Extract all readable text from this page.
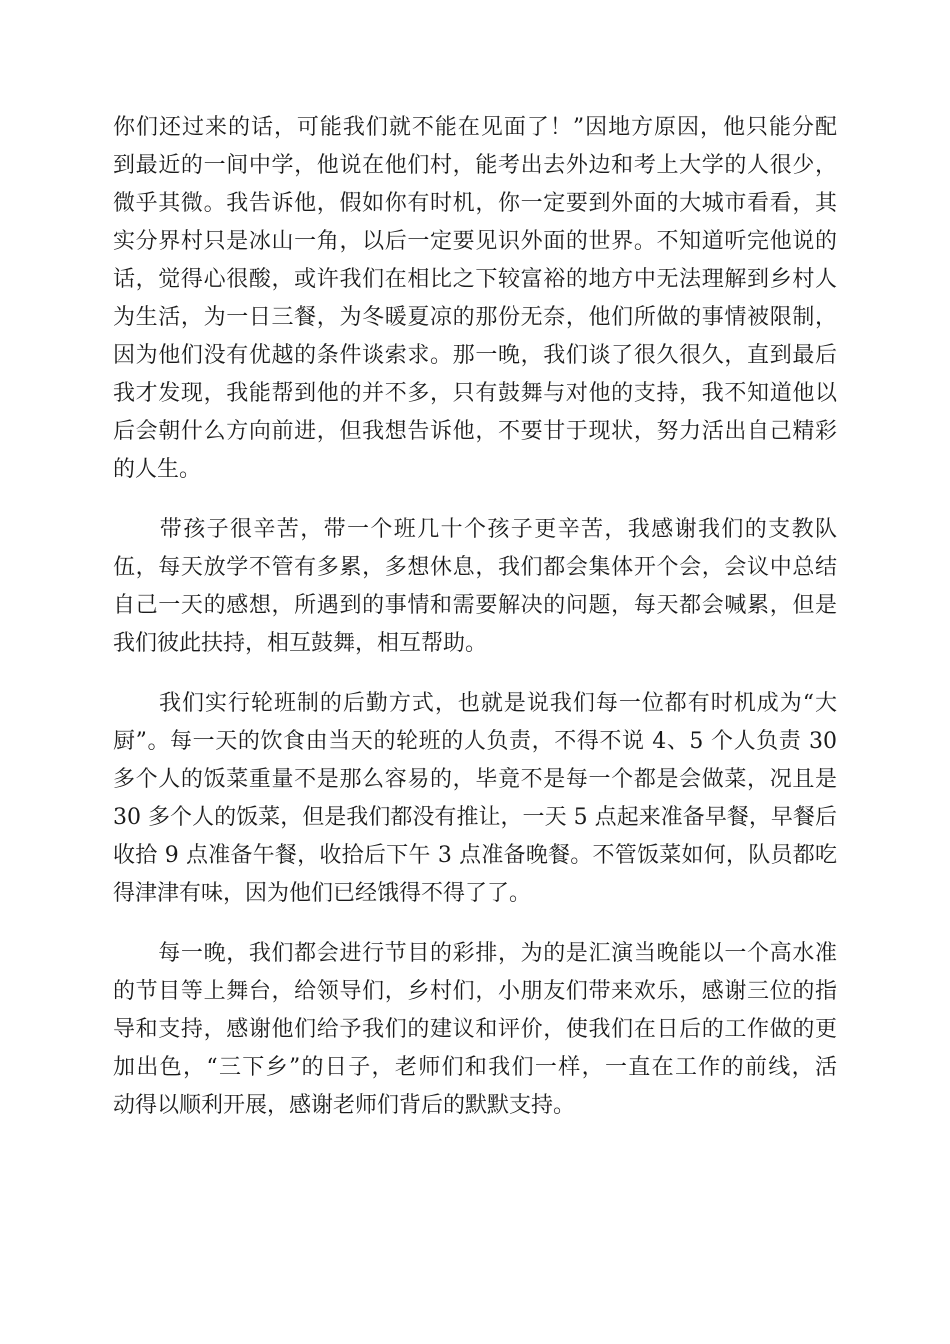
你们还过来的话，可能我们就不能在见面了！”因地方原因，他只能分配
到最近的一间中学，他说在他们村，能考出去外边和考上大学的人很少，
微乎其微。我告诉他，假如你有时机，你一定要到外面的大城市看看，其
实分界村只是冰山一角，以后一定要见识外面的世界。不知道听完他说的
话，觉得心很酸，或许我们在相比之下较富裕的地方中无法理解到乡村人
为生活，为一日三餐，为冬暖夏凉的那份无奈，他们所做的事情被限制，
因为他们没有优越的条件谈索求。那一晚，我们谈了很久很久，直到最后
我才发现，我能帮到他的并不多，只有鼓舞与对他的支持，我不知道他以
后会朝什么方向前进，但我想告诉他，不要甘于现状，努力活出自己精彩
的人生。
　　带孩子很辛苦，带一个班几十个孩子更辛苦，我感谢我们的支教队
伍，每天放学不管有多累，多想休息，我们都会集体开个会，会议中总结
自己一天的感想，所遇到的事情和需要解决的问题，每天都会喊累，但是
我们彼此扶持，相互鼓舞，相互帮助。
　　我们实行轮班制的后勤方式，也就是说我们每一位都有时机成为“大
厨”。每一天的饮食由当天的轮班的人负责，不得不说 4、5 个人负责 30
多个人的饭菜重量不是那么容易的，毕竟不是每一个都是会做菜，况且是
30 多个人的饭菜，但是我们都没有推让，一天 5 点起来准备早餐，早餐后
收拾 9 点准备午餐，收拾后下午 3 点准备晚餐。不管饭菜如何，队员都吃
得津津有味，因为他们已经饿得不得了了。
　　每一晚，我们都会进行节目的彩排，为的是汇演当晚能以一个高水准
的节目等上舞台，给领导们，乡村们，小朋友们带来欢乐，感谢三位的指
导和支持，感谢他们给予我们的建议和评价，使我们在日后的工作做的更
加出色，“三下乡”的日子，老师们和我们一样，一直在工作的前线，活
动得以顺利开展，感谢老师们背后的默默支持。
